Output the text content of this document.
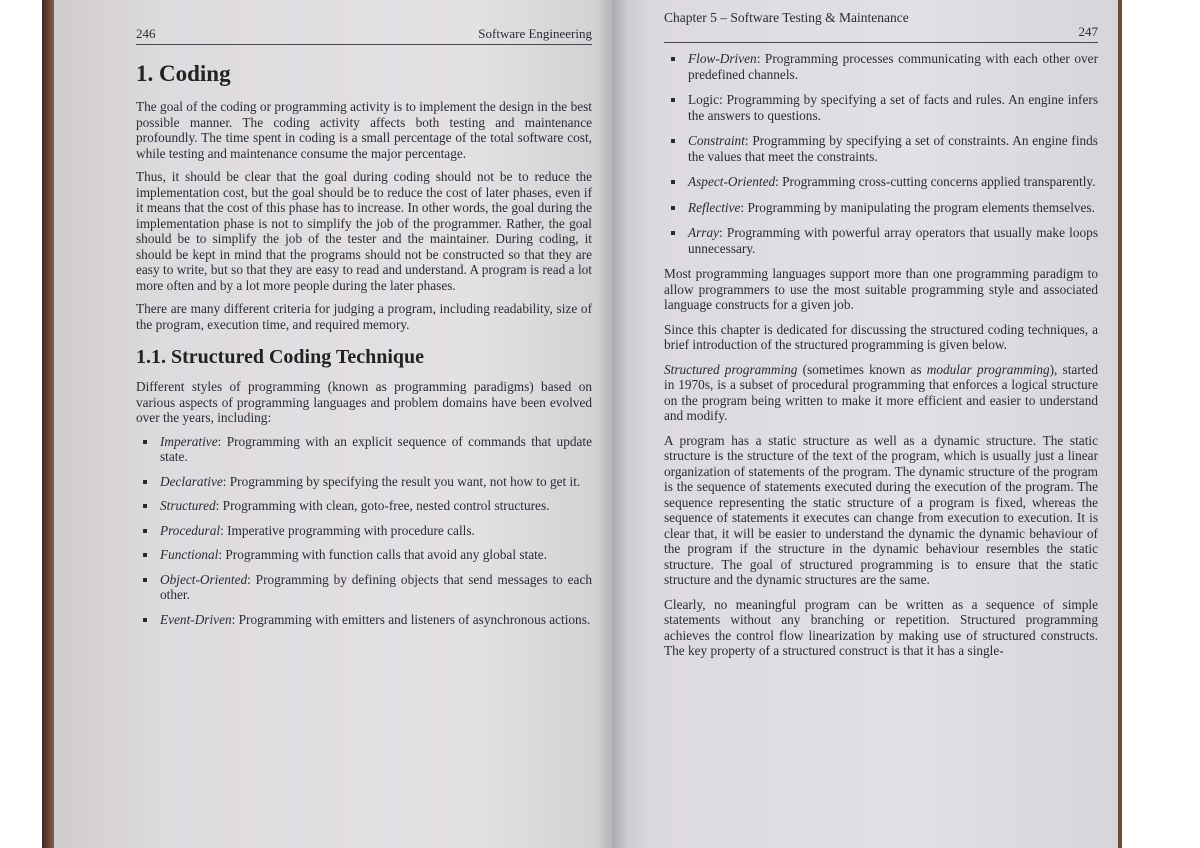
246	Software Engineering
1. Coding

The goal of the coding or programming activity is to implement the design in the best possible manner. The coding activity affects both testing and maintenance profoundly. The time spent in coding is a small percentage of the total software cost, while testing and maintenance consume the major percentage.

Thus, it should be clear that the goal during coding should not be to reduce the implementation cost, but the goal should be to reduce the cost of later phases, even if it means that the cost of this phase has to increase. In other words, the goal during the implementation phase is not to simplify the job of the programmer. Rather, the goal should be to simplify the job of the tester and the maintainer. During coding, it should be kept in mind that the programs should not be constructed so that they are easy to write, but so that they are easy to read and understand. A program is read a lot more often and by a lot more people during the later phases.

There are many different criteria for judging a program, including readability, size of the program, execution time, and required memory.

1.1. Structured Coding Technique

Different styles of programming (known as programming paradigms) based on various aspects of programming languages and problem domains have been evolved over the years, including:

Imperative: Programming with an explicit sequence of commands that update state.
Declarative: Programming by specifying the result you want, not how to get it.
Structured: Programming with clean, goto-free, nested control structures.
Procedural: Imperative programming with procedure calls.
Functional: Programming with function calls that avoid any global state.
Object-Oriented: Programming by defining objects that send messages to each other.
Event-Driven: Programming with emitters and listeners of asynchronous actions.
Chapter 5 – Software Testing & Maintenance
247
Flow-Driven: Programming processes communicating with each other over predefined channels.
Logic: Programming by specifying a set of facts and rules. An engine infers the answers to questions.
Constraint: Programming by specifying a set of constraints. An engine finds the values that meet the constraints.
Aspect-Oriented: Programming cross-cutting concerns applied transparently.
Reflective: Programming by manipulating the program elements themselves.
Array: Programming with powerful array operators that usually make loops unnecessary.

Most programming languages support more than one programming paradigm to allow programmers to use the most suitable programming style and associated language constructs for a given job.

Since this chapter is dedicated for discussing the structured coding techniques, a brief introduction of the structured programming is given below.

Structured programming (sometimes known as modular programming), started in 1970s, is a subset of procedural programming that enforces a logical structure on the program being written to make it more efficient and easier to understand and modify.

A program has a static structure as well as a dynamic structure. The static structure is the structure of the text of the program, which is usually just a linear organization of statements of the program. The dynamic structure of the program is the sequence of statements executed during the execution of the program. The sequence representing the static structure of a program is fixed, whereas the sequence of statements it executes can change from execution to execution. It is clear that, it will be easier to understand the dynamic the dynamic behaviour of the program if the structure in the dynamic behaviour resembles the static structure. The goal of structured programming is to ensure that the static structure and the dynamic structures are the same.

Clearly, no meaningful program can be written as a sequence of simple statements without any branching or repetition. Structured programming achieves the control flow linearization by making use of structured constructs. The key property of a structured construct is that it has a single-
